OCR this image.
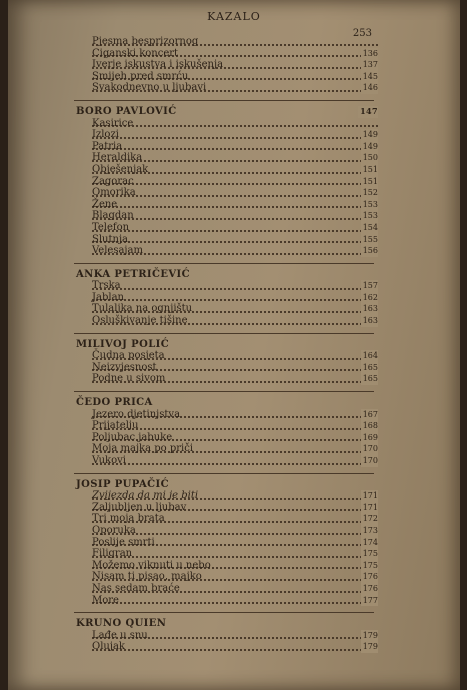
KAZALO
253
Pjesma besprizornog
Ciganski koncert	136
Iverje iskustva i iskušenja	137
Smijeh pred smrću	145
Svakodnevno u ljubavi	146
BORO PAVLOVIĆ	147
Kasirice
Izlozi	149
Patria	149
Heraldika	150
Obješenjak	151
Zagorac	151
Omorika	152
Žene	153
Blagdan	153
Telefon	154
Slutnja	155
Velesajam	156
ANKA PETRIČEVIĆ
Trska	157
Jablan	162
Tulaljka na ognjištu	163
Osluškivanje tišine	163
MILIVOJ POLIĆ
Čudna posjeta	164
Neizvjesnost	165
Podne u sivom	165
ČEDO PRICA
Jezero djetinjstva	167
Prijatelju	168
Poljubac jabuke	169
Moja majka po priči	170
Vukovi	170
JOSIP PUPAČIĆ
Zvijezda da mi je biti	171
Zaljubljen u ljubav	171
Tri moja brata	172
Oporuka	173
Poslije smrti	174
Filigran	175
Možemo viknuti u nebo	175
Nisam ti pisao, majko	176
Nas sedam braće	176
More	177
KRUNO QUIEN
Lađe u snu	179
Olujak	179
